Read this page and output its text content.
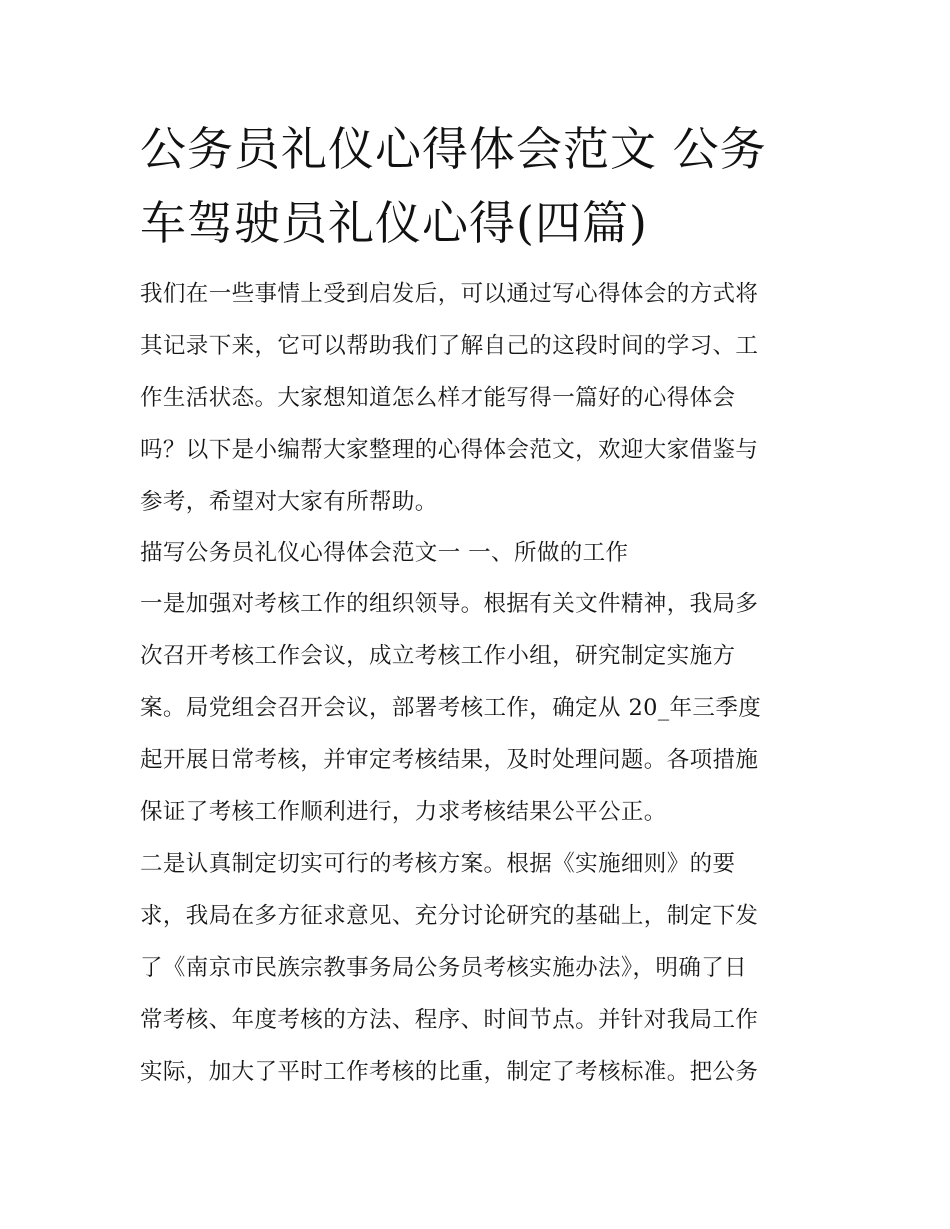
公务员礼仪心得体会范文 公务
车驾驶员礼仪心得(四篇)
我们在一些事情上受到启发后，可以通过写心得体会的方式将
其记录下来，它可以帮助我们了解自己的这段时间的学习、工
作生活状态。大家想知道怎么样才能写得一篇好的心得体会
吗？以下是小编帮大家整理的心得体会范文，欢迎大家借鉴与
参考，希望对大家有所帮助。
描写公务员礼仪心得体会范文一 一、所做的工作
一是加强对考核工作的组织领导。根据有关文件精神，我局多
次召开考核工作会议，成立考核工作小组，研究制定实施方
案。局党组会召开会议，部署考核工作，确定从 20_年三季度
起开展日常考核，并审定考核结果，及时处理问题。各项措施
保证了考核工作顺利进行，力求考核结果公平公正。
二是认真制定切实可行的考核方案。根据《实施细则》的要
求，我局在多方征求意见、充分讨论研究的基础上，制定下发
了《南京市民族宗教事务局公务员考核实施办法》，明确了日
常考核、年度考核的方法、程序、时间节点。并针对我局工作
实际，加大了平时工作考核的比重，制定了考核标准。把公务
